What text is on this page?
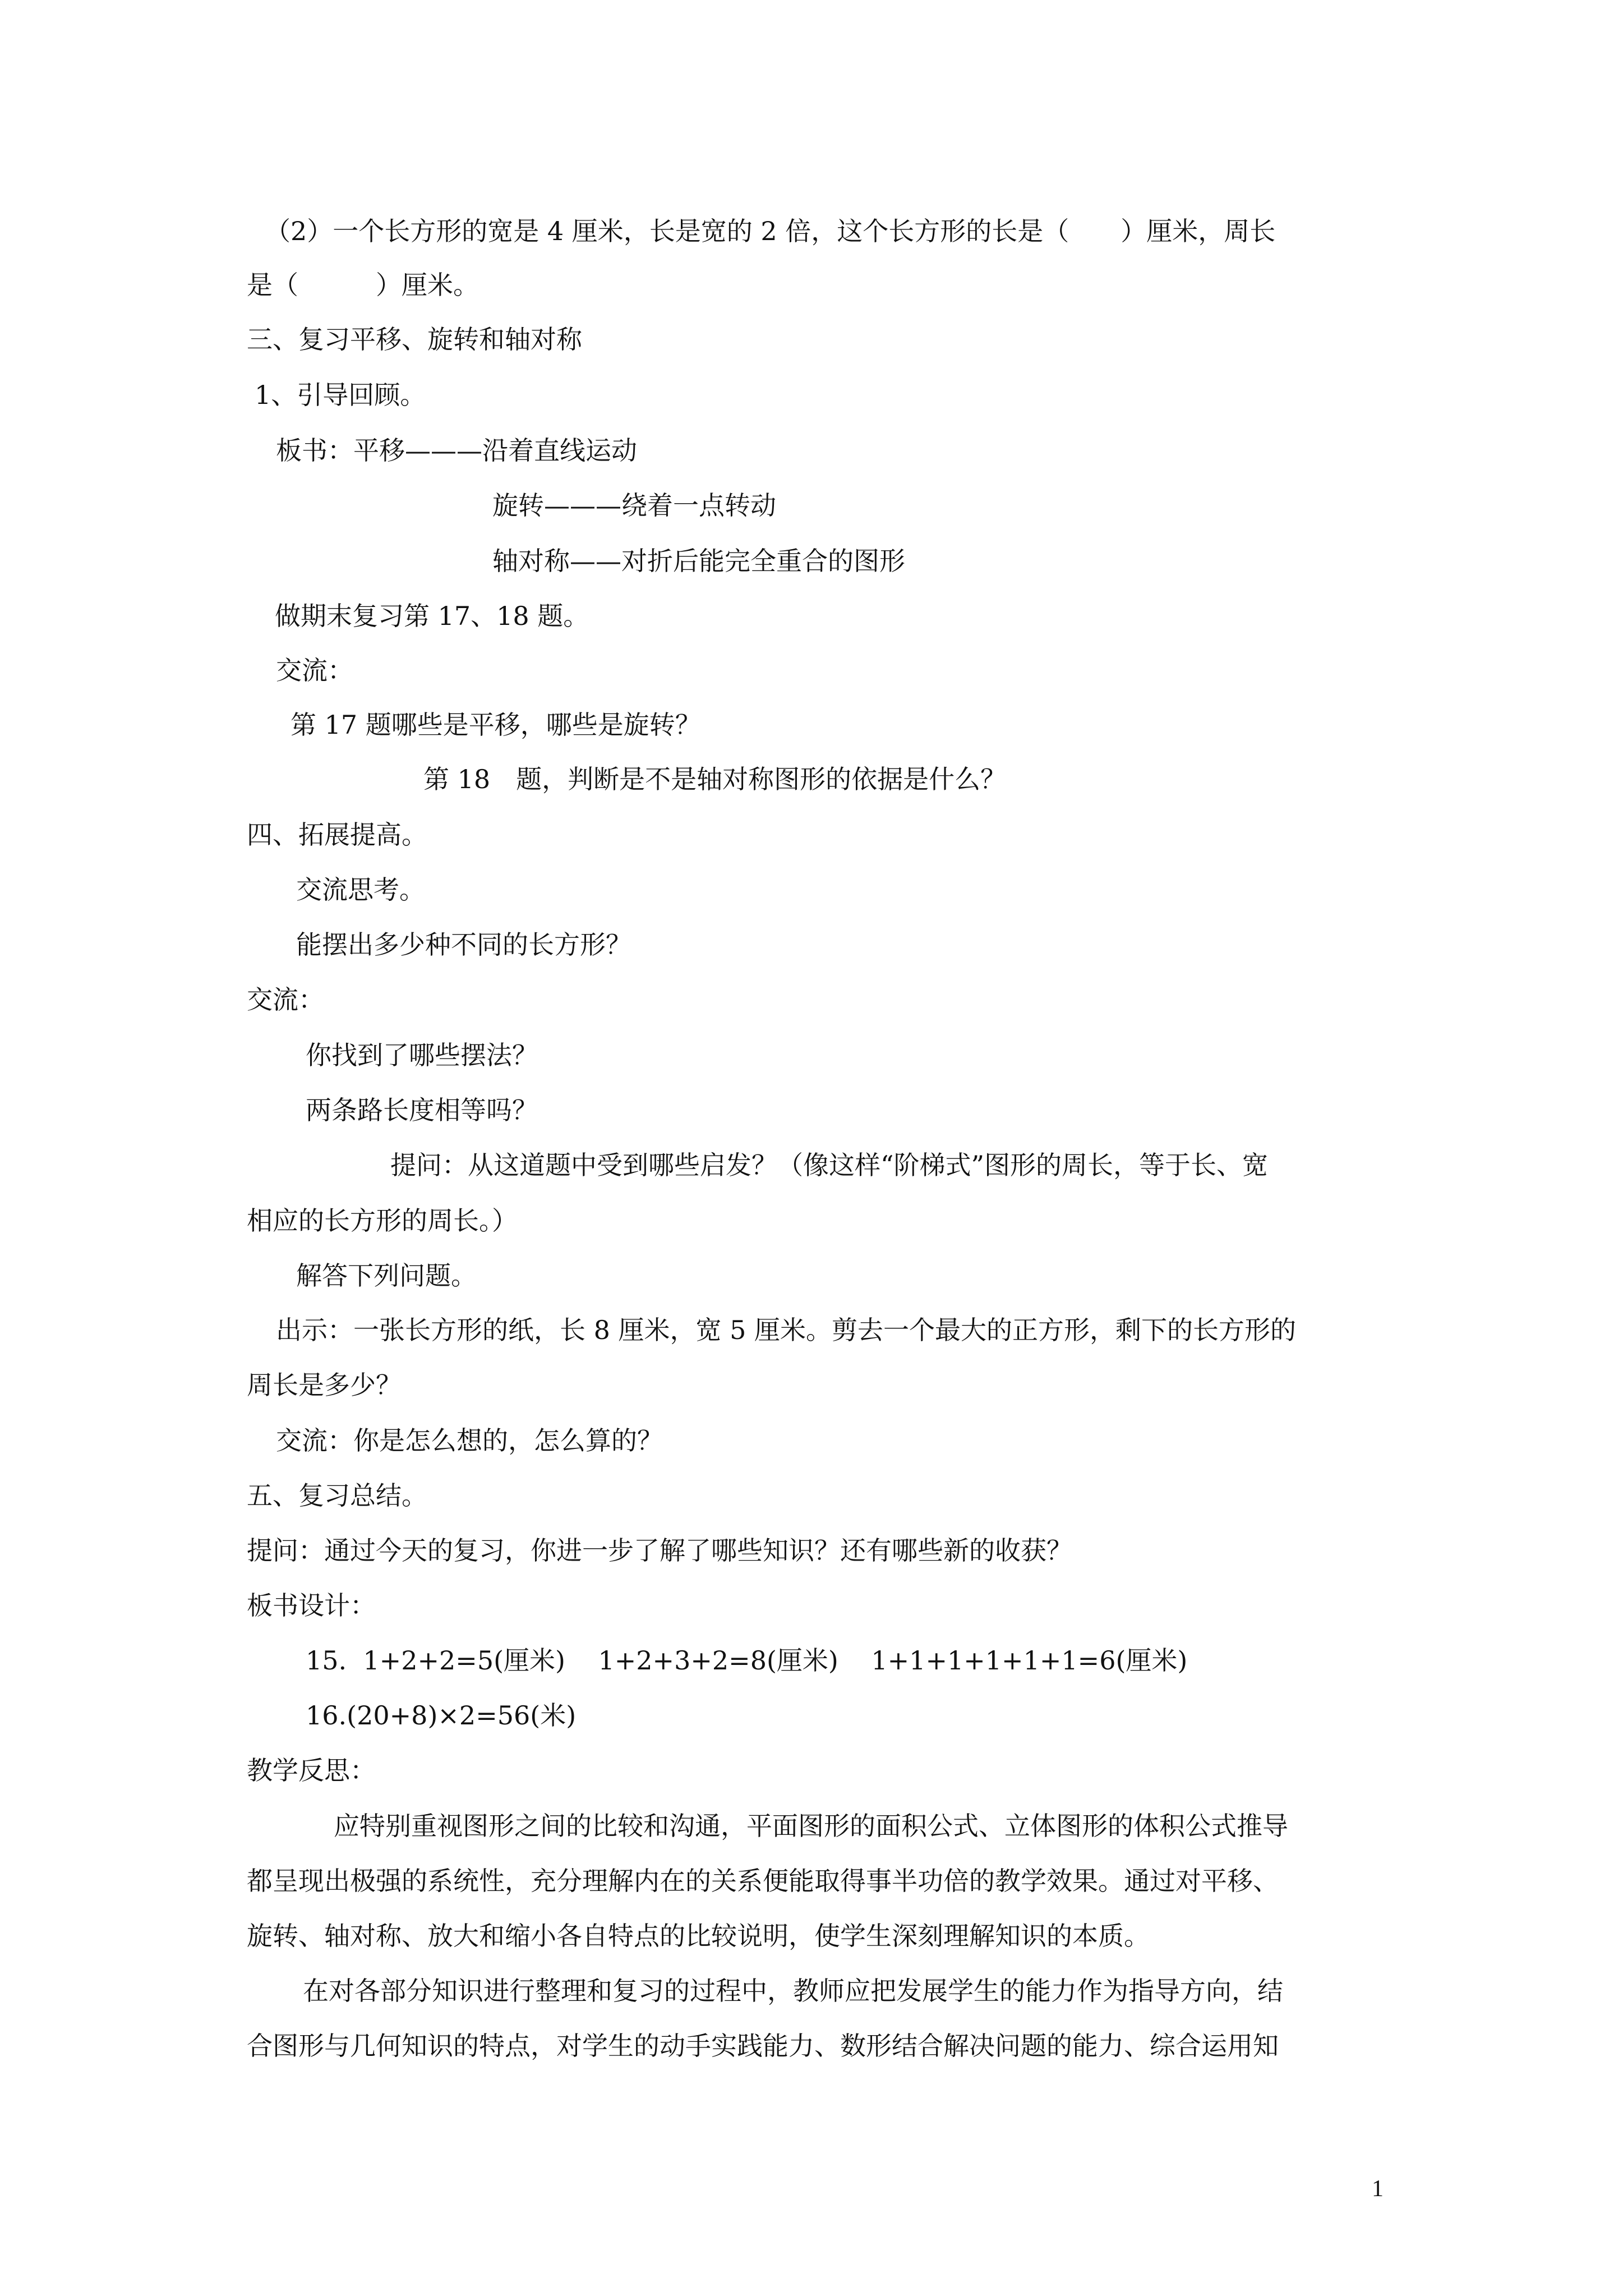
（2）一个长方形的宽是 4 厘米，长是宽的 2 倍，这个长方形的长是（　　）厘米，周长
是（　　　）厘米。
三、复习平移、旋转和轴对称
1、引导回顾。
板书：平移———沿着直线运动
旋转———绕着一点转动
轴对称——对折后能完全重合的图形
做期末复习第 17、18 题。
交流：
第 17 题哪些是平移，哪些是旋转？
第 18　题，判断是不是轴对称图形的依据是什么？
四、拓展提高。
交流思考。
能摆出多少种不同的长方形？
交流：
你找到了哪些摆法？
两条路长度相等吗？
提问：从这道题中受到哪些启发？（像这样“阶梯式”图形的周长，等于长、宽
相应的长方形的周长。）
解答下列问题。
出示：一张长方形的纸，长 8 厘米，宽 5 厘米。剪去一个最大的正方形，剩下的长方形的
周长是多少？
交流：你是怎么想的，怎么算的？
五、复习总结。
提问：通过今天的复习，你进一步了解了哪些知识？还有哪些新的收获？
板书设计：
15.  1+2+2=5(厘米)    1+2+3+2=8(厘米)    1+1+1+1+1+1=6(厘米)
16.(20+8)×2=56(米)
教学反思：
应特别重视图形之间的比较和沟通，平面图形的面积公式、立体图形的体积公式推导
都呈现出极强的系统性，充分理解内在的关系便能取得事半功倍的教学效果。通过对平移、
旋转、轴对称、放大和缩小各自特点的比较说明，使学生深刻理解知识的本质。
在对各部分知识进行整理和复习的过程中，教师应把发展学生的能力作为指导方向，结
合图形与几何知识的特点，对学生的动手实践能力、数形结合解决问题的能力、综合运用知
1
